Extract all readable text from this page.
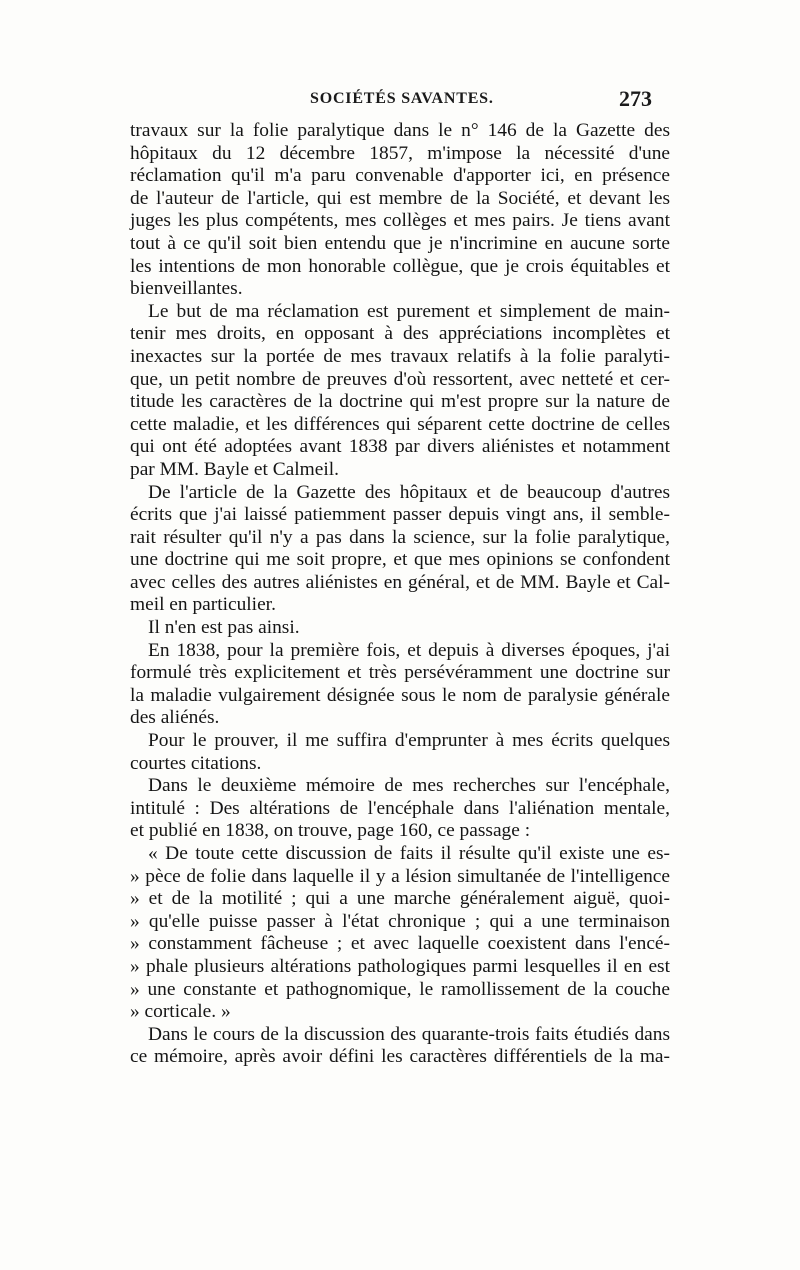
SOCIÉTÉS SAVANTES.	273
travaux sur la folie paralytique dans le n° 146 de la Gazette des
hôpitaux du 12 décembre 1857, m'impose la nécessité d'une
réclamation qu'il m'a paru convenable d'apporter ici, en présence
de l'auteur de l'article, qui est membre de la Société, et devant les
juges les plus compétents, mes collèges et mes pairs. Je tiens avant
tout à ce qu'il soit bien entendu que je n'incrimine en aucune sorte
les intentions de mon honorable collègue, que je crois équitables et
bienveillantes.
Le but de ma réclamation est purement et simplement de main-
tenir mes droits, en opposant à des appréciations incomplètes et
inexactes sur la portée de mes travaux relatifs à la folie paralyti-
que, un petit nombre de preuves d'où ressortent, avec netteté et cer-
titude les caractères de la doctrine qui m'est propre sur la nature de
cette maladie, et les différences qui séparent cette doctrine de celles
qui ont été adoptées avant 1838 par divers aliénistes et notamment
par MM. Bayle et Calmeil.
De l'article de la Gazette des hôpitaux et de beaucoup d'autres
écrits que j'ai laissé patiemment passer depuis vingt ans, il semble-
rait résulter qu'il n'y a pas dans la science, sur la folie paralytique,
une doctrine qui me soit propre, et que mes opinions se confondent
avec celles des autres aliénistes en général, et de MM. Bayle et Cal-
meil en particulier.
Il n'en est pas ainsi.
En 1838, pour la première fois, et depuis à diverses époques, j'ai
formulé très explicitement et très persévéramment une doctrine sur
la maladie vulgairement désignée sous le nom de paralysie générale
des aliénés.
Pour le prouver, il me suffira d'emprunter à mes écrits quelques
courtes citations.
Dans le deuxième mémoire de mes recherches sur l'encéphale,
intitulé : Des altérations de l'encéphale dans l'aliénation mentale,
et publié en 1838, on trouve, page 160, ce passage :
« De toute cette discussion de faits il résulte qu'il existe une es-
» pèce de folie dans laquelle il y a lésion simultanée de l'intelligence
» et de la motilité ; qui a une marche généralement aiguë, quoi-
» qu'elle puisse passer à l'état chronique ; qui a une terminaison
» constamment fâcheuse ; et avec laquelle coexistent dans l'encé-
» phale plusieurs altérations pathologiques parmi lesquelles il en est
» une constante et pathognomique, le ramollissement de la couche
» corticale. »
Dans le cours de la discussion des quarante-trois faits étudiés dans
ce mémoire, après avoir défini les caractères différentiels de la ma-
